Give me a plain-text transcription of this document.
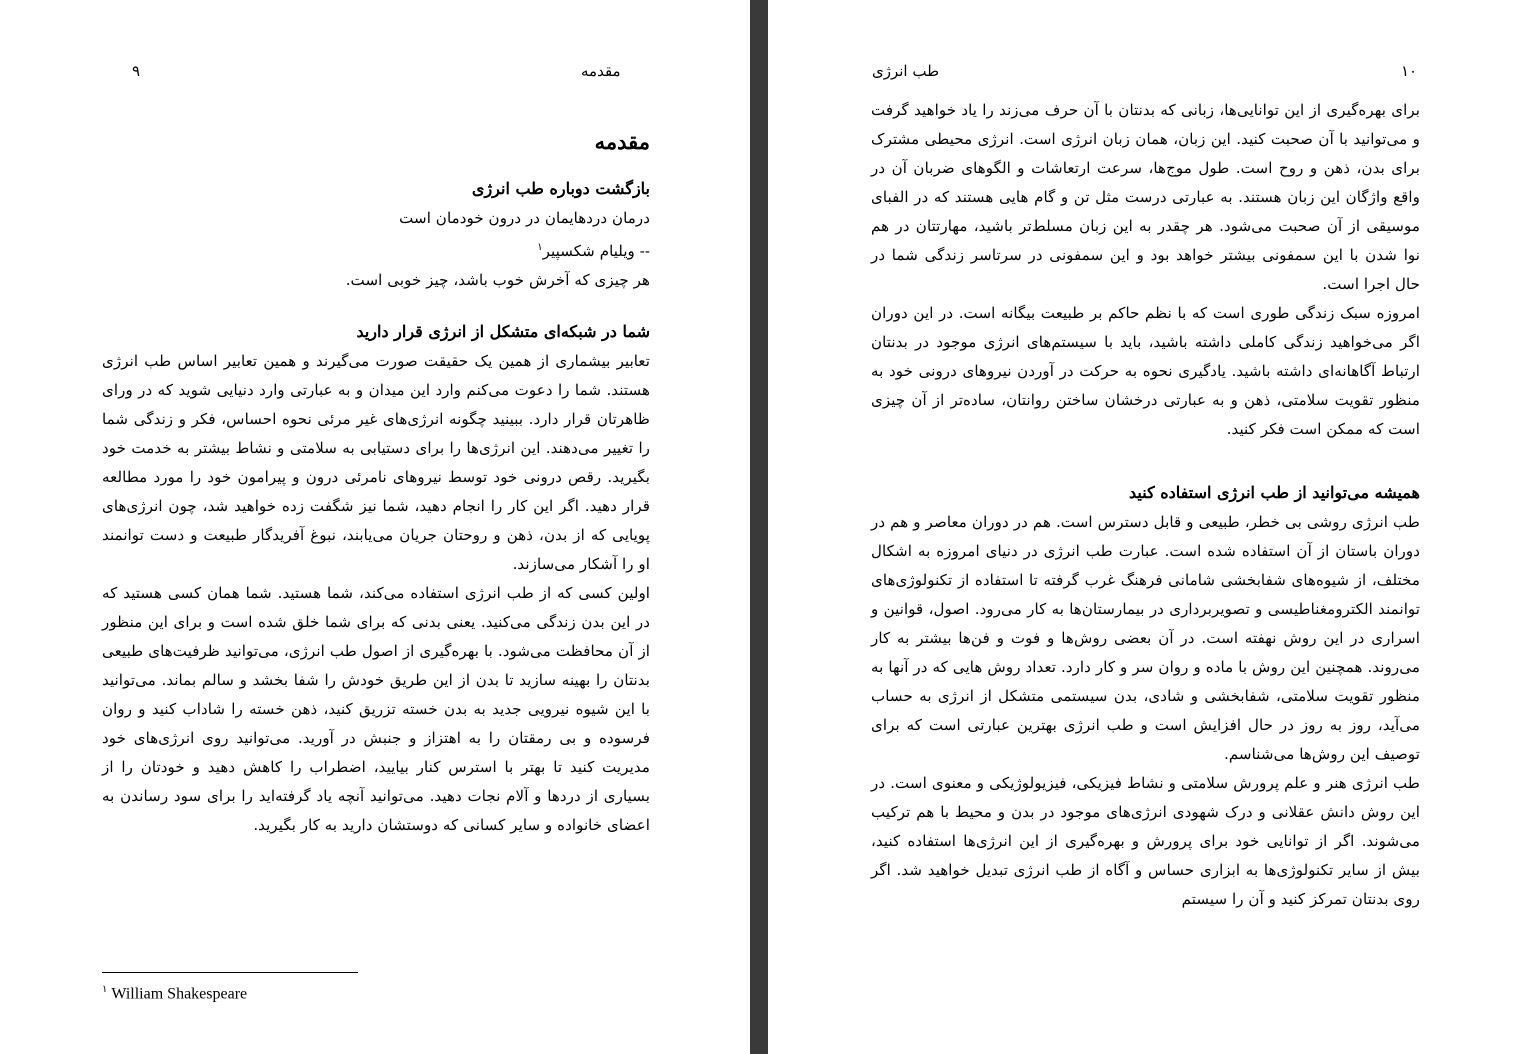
۹	مقدمه
مقدمه
بازگشت دوباره طب انرژی

درمان دردهایمان در درون خودمان است

-- ویلیام شکسپیر$^۱$

هر چیزی که آخرش خوب باشد، چیز خوبی است.

شما در شبکه‌ای متشکل از انرژی قرار دارید

تعابیر بیشماری از همین یک حقیقت صورت می‌گیرند و همین تعابیر اساس طب انرژی هستند. شما را دعوت می‌کنم وارد این میدان و به عبارتی وارد دنیایی شوید که در ورای ظاهرتان قرار دارد. ببینید چگونه انرژی‌های غیر مرئی نحوه احساس، فکر و زندگی شما را تغییر می‌دهند. این انرژی‌ها را برای دستیابی به سلامتی و نشاط بیشتر به خدمت خود بگیرید. رقص درونی خود توسط نیروهای نامرئی درون و پیرامون خود را مورد مطالعه قرار دهید. اگر این کار را انجام دهید، شما نیز شگفت زده خواهید شد، چون انرژی‌های پویایی که از بدن، ذهن و روحتان جریان می‌یابند، نبوغ آفریدگار طبیعت و دست توانمند او را آشکار می‌سازند.

اولین کسی که از طب انرژی استفاده می‌کند، شما هستید. شما همان کسی هستید که در این بدن زندگی می‌کنید. یعنی بدنی که برای شما خلق شده است و برای این منظور از آن محافظت می‌شود. با بهره‌گیری از اصول طب انرژی، می‌توانید ظرفیت‌های طبیعی بدنتان را بهینه سازید تا بدن از این طریق خودش را شفا بخشد و سالم بماند. می‌توانید با این شیوه نیرویی جدید به بدن خسته تزریق کنید، ذهن خسته را شاداب کنید و روان فرسوده و بی رمقتان را به اهتزاز و جنبش در آورید. می‌توانید روی انرژی‌های خود مدیریت کنید تا بهتر با استرس کنار بیایید، اضطراب را کاهش دهید و خودتان را از بسیاری از دردها و آلام نجات دهید. می‌توانید آنچه یاد گرفته‌اید را برای سود رساندن به اعضای خانواده و سایر کسانی که دوستشان دارید به کار بگیرید.

$^۱$ William Shakespeare
۱۰
طب انرژی

برای بهره‌گیری از این توانایی‌ها، زبانی که بدنتان با آن حرف می‌زند را یاد خواهید گرفت و می‌توانید با آن صحبت کنید. این زبان، همان زبان انرژی است. انرژی محیطی مشترک برای بدن، ذهن و روح است. طول موج‌ها، سرعت ارتعاشات و الگوهای ضربان آن در واقع واژگان این زبان هستند. به عبارتی درست مثل تن و گام هایی هستند که در الفبای موسیقی از آن صحبت می‌شود. هر چقدر به این زبان مسلط‌تر باشید، مهارتتان در هم نوا شدن با این سمفونی بیشتر خواهد بود و این سمفونی در سرتاسر زندگی شما در حال اجرا است.

امروزه سبک زندگی طوری است که با نظم حاکم بر طبیعت بیگانه است. در این دوران اگر می‌خواهید زندگی کاملی داشته باشید، باید با سیستم‌های انرژی موجود در بدنتان ارتباط آگاهانه‌ای داشته باشید. یادگیری نحوه به حرکت در آوردن نیروهای درونی خود به منظور تقویت سلامتی، ذهن و به عبارتی درخشان ساختن روانتان، ساده‌تر از آن چیزی است که ممکن است فکر کنید.

همیشه می‌توانید از طب انرژی استفاده کنید

طب انرژی روشی بی خطر، طبیعی و قابل دسترس است. هم در دوران معاصر و هم در دوران باستان از آن استفاده شده است. عبارت طب انرژی در دنیای امروزه به اشکال مختلف، از شیوه‌های شفابخشی شامانی فرهنگ غرب گرفته تا استفاده از تکنولوژی‌های توانمند الکترومغناطیسی و تصویربرداری در بیمارستان‌ها به کار می‌رود. اصول، قوانین و اسراری در این روش نهفته است. در آن بعضی روش‌ها و فوت و فن‌ها بیشتر به کار می‌روند. همچنین این روش با ماده و روان سر و کار دارد. تعداد روش هایی که در آنها به منظور تقویت سلامتی، شفابخشی و شادی، بدن سیستمی متشکل از انرژی به حساب می‌آید، روز به روز در حال افزایش است و طب انرژی بهترین عبارتی است که برای توصیف این روش‌ها می‌شناسم.

طب انرژی هنر و علم پرورش سلامتی و نشاط فیزیکی، فیزیولوژیکی و معنوی است. در این روش دانش عقلانی و درک شهودی انرژی‌های موجود در بدن و محیط با هم ترکیب می‌شوند. اگر از توانایی خود برای پرورش و بهره‌گیری از این انرژی‌ها استفاده کنید، بیش از سایر تکنولوژی‌ها به ابزاری حساس و آگاه از طب انرژی تبدیل خواهید شد. اگر روی بدنتان تمرکز کنید و آن را سیستم
